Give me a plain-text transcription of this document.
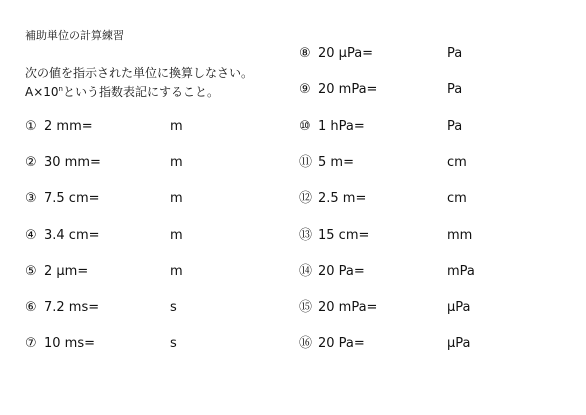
補助単位の計算練習
次の値を指示された単位に換算しなさい。
$A\times 10^n$という指数表記にすること。
① 2 mm=	m
② 30 mm=	m
③ 7.5 cm=	m
④ 3.4 cm=	m
⑤ 2 μm=	m
⑥ 7.2 ms=	s
⑦ 10 ms=	s
⑧ 20 μPa=	Pa
⑨ 20 mPa=	Pa
⑩ 1 hPa=	Pa
⑪ 5 m=	cm
⑫ 2.5 m=	cm
⑬ 15 cm=	mm
⑭ 20 Pa=	mPa
⑮ 20 mPa=	μPa
⑯ 20 Pa=	μPa
